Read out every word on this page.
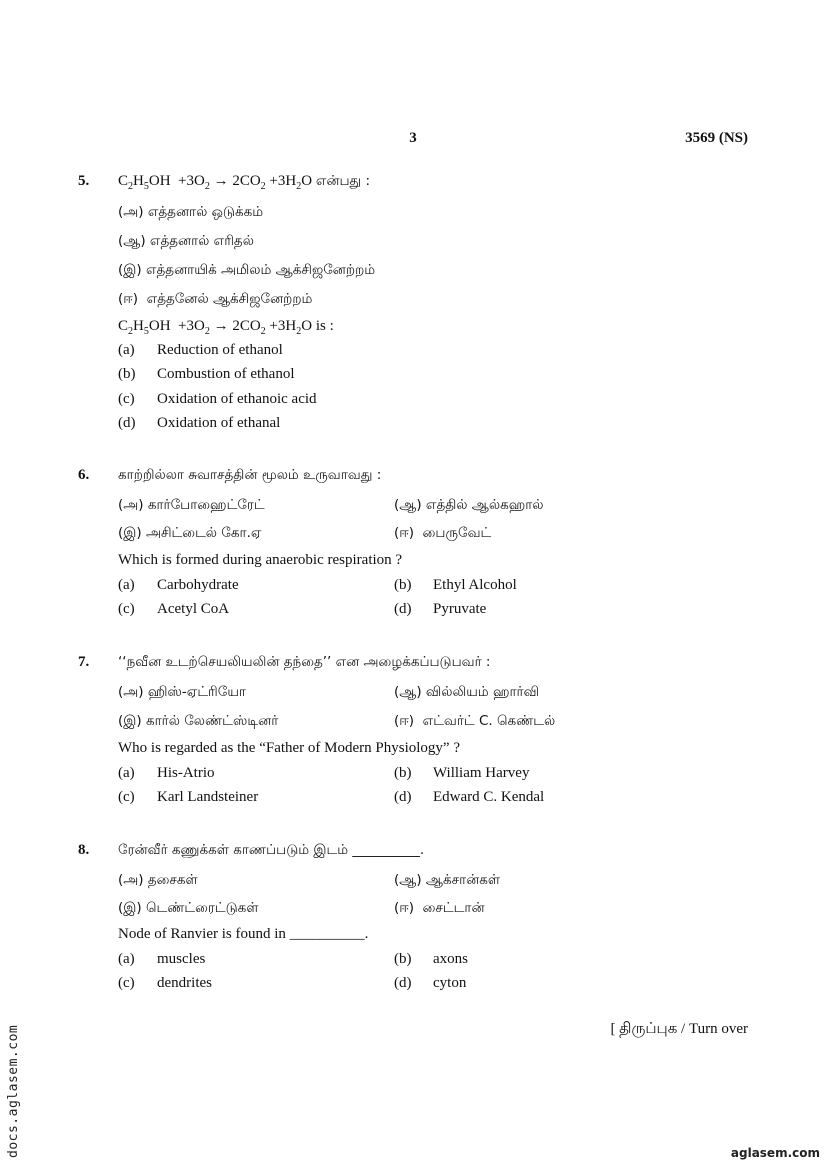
3	3569 (NS)
5. $C_2H_5OH +3O_2 \to 2CO_2 +3H_2O$ என்பது :
(அ) எத்தனால் ஒடுக்கம்
(ஆ) எத்தனால் எரிதல்
(இ) எத்தனாயிக் அமிலம் ஆக்சிஜனேற்றம்
(ஈ) எத்தனேல் ஆக்சிஜனேற்றம்
$C_2H_5OH +3O_2 \to 2CO_2 +3H_2O$ is :
(a) Reduction of ethanol
(b) Combustion of ethanol
(c) Oxidation of ethanoic acid
(d) Oxidation of ethanal
6. காற்றில்லா சுவாசத்தின் மூலம் உருவாவது :
(அ) கார்போஹைட்ரேட்	(ஆ) எத்தில் ஆல்கஹால்
(இ) அசிட்டைல் கோ.ஏ	(ஈ) பைருவேட்
Which is formed during anaerobic respiration ?
(a) Carbohydrate	(b) Ethyl Alcohol
(c) Acetyl CoA	(d) Pyruvate
7. ‘‘நவீன உடற்செயலியலின் தந்தை’’ என அழைக்கப்படுபவர் :
(அ) ஹிஸ்-ஏட்ரியோ	(ஆ) வில்லியம் ஹார்வி
(இ) கார்ல் லேண்ட்ஸ்டினர்	(ஈ) எட்வர்ட் C. கெண்டல்
Who is regarded as the “Father of Modern Physiology” ?
(a) His-Atrio	(b) William Harvey
(c) Karl Landsteiner	(d) Edward C. Kendal
8. ரேன்வீர் கணுக்கள் காணப்படும் இடம் __________.
(அ) தசைகள்	(ஆ) ஆக்சான்கள்
(இ) டெண்ட்ரைட்டுகள்	(ஈ) சைட்டான்
Node of Ranvier is found in __________.
(a) muscles	(b) axons
(c) dendrites	(d) cyton
[ திருப்புக / Turn over
docs.aglasem.com	aglasem.com
